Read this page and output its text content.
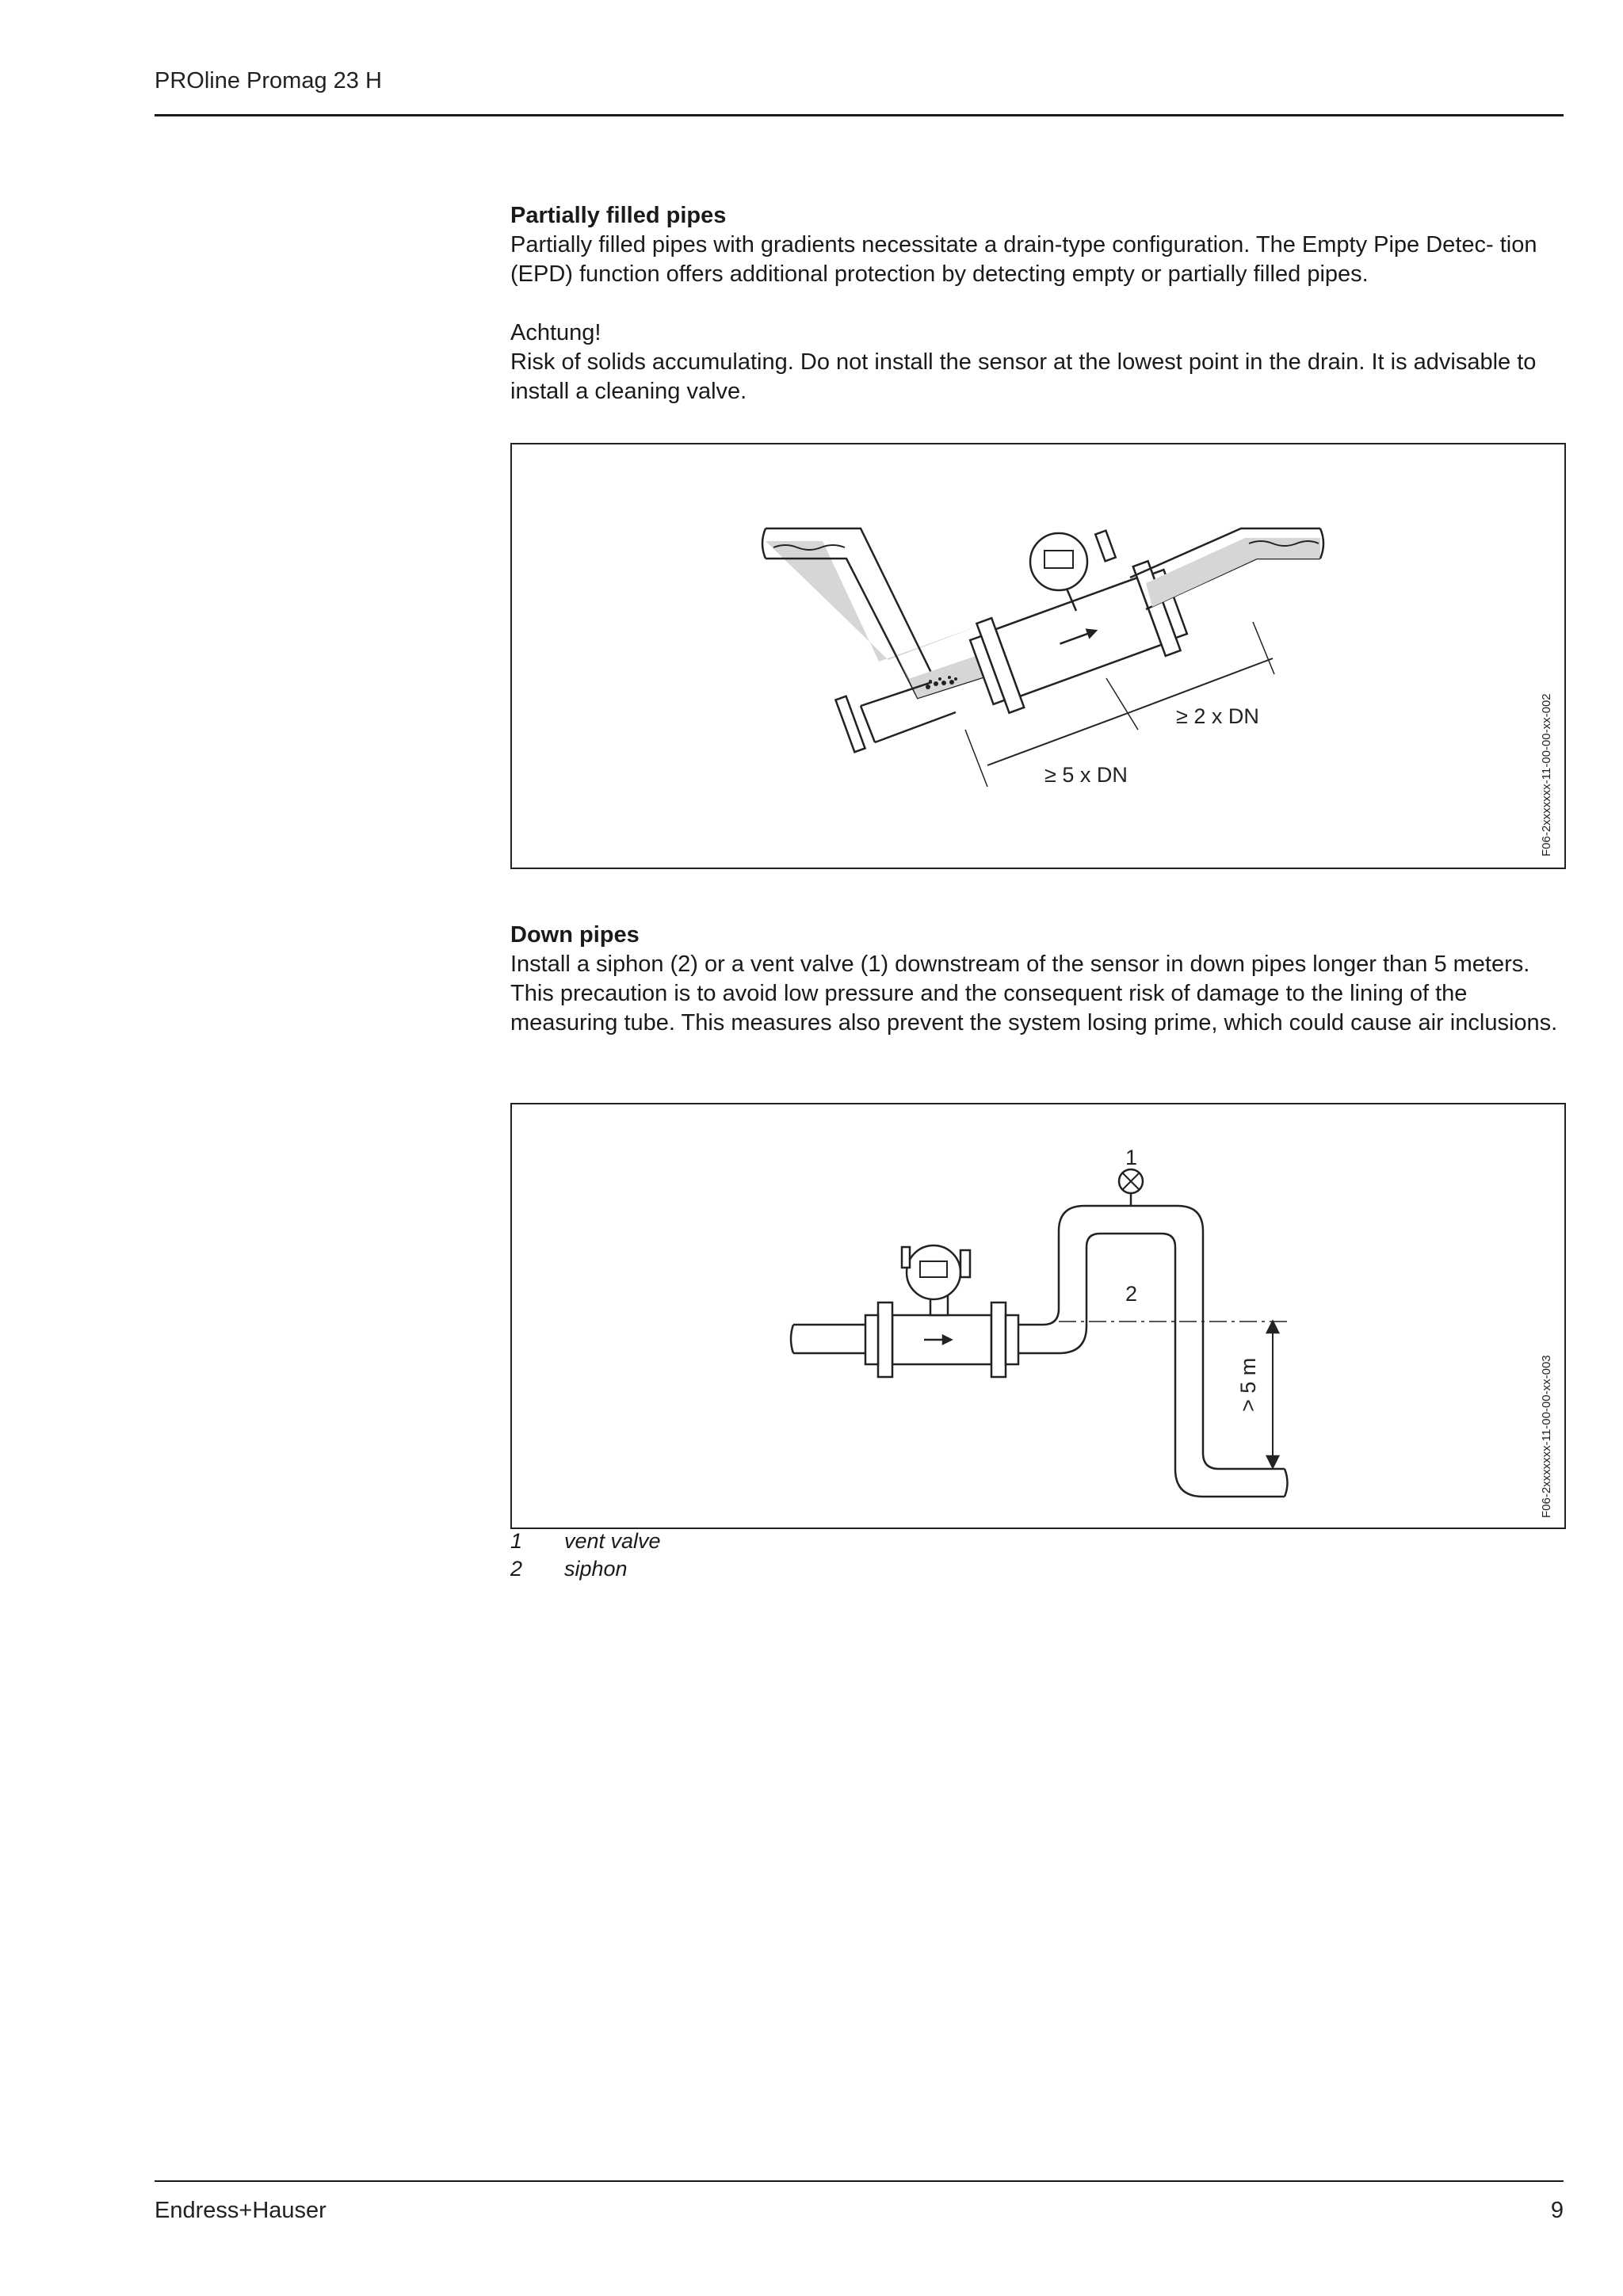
PROline Promag 23 H
Partially filled pipes

Partially filled pipes with gradients necessitate a drain-type configuration. The Empty Pipe Detec- tion (EPD) function offers additional protection by detecting empty or partially filled pipes.

Achtung!

Risk of solids accumulating. Do not install the sensor at the lowest point in the drain. It is advisable to install a cleaning valve.

≥ 2 x DN
≥ 5 x DN	F06-2xxxxxxx-11-00-00-xx-002
Down pipes

Install a siphon (2) or a vent valve (1) downstream of the sensor in down pipes longer than 5 meters. This precaution is to avoid low pressure and the consequent risk of damage to the lining of the measuring tube. This measures also prevent the system losing prime, which could cause air inclusions.

1
2
> 5 m	F06-2xxxxxxx-11-00-00-xx-003
1 vent valve
2 siphon
Endress+Hauser	9
